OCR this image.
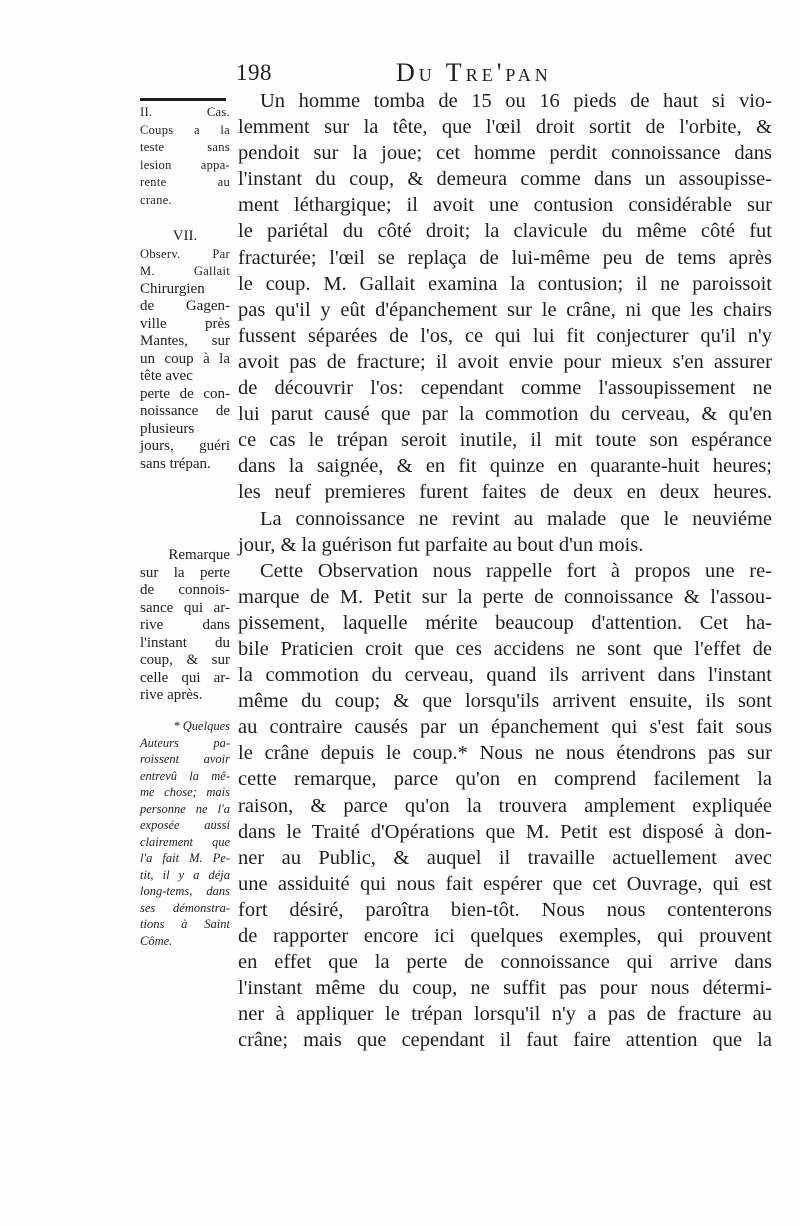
198	Du Tre'pan
II. Cas.
Coups a la
teste sans
lesion appa-
rente au
crane.
VII.
Observ. Par
M. Gallait
Chirurgien
de Gagen-
ville près
Mantes, sur
un coup à la
tête avec
perte de con-
noissance de
plusieurs
jours, guéri
sans trépan.
Remarque
sur la perte
de connois-
sance qui ar-
rive dans
l'instant du
coup, & sur
celle qui ar-
rive après.
* Quelques
Auteurs pa-
roissent avoir
entrevû la mê-
me chose; mais
personne ne l'a
exposée aussi
clairement que
l'a fait M. Pe-
tit, il y a déja
long-tems, dans
ses démonstra-
tions à Saint
Côme.
Un homme tomba de 15 ou 16 pieds de haut si vio-
lemment sur la tête, que l'œil droit sortit de l'orbite, &
pendoit sur la joue; cet homme perdit connoissance dans
l'instant du coup, & demeura comme dans un assoupisse-
ment léthargique; il avoit une contusion considérable sur
le pariétal du côté droit; la clavicule du même côté fut
fracturée; l'œil se replaça de lui-même peu de tems après
le coup. M. Gallait examina la contusion; il ne paroissoit
pas qu'il y eût d'épanchement sur le crâne, ni que les chairs
fussent séparées de l'os, ce qui lui fit conjecturer qu'il n'y
avoit pas de fracture; il avoit envie pour mieux s'en assurer
de découvrir l'os: cependant comme l'assoupissement ne
lui parut causé que par la commotion du cerveau, & qu'en
ce cas le trépan seroit inutile, il mit toute son espérance
dans la saignée, & en fit quinze en quarante-huit heures;
les neuf premieres furent faites de deux en deux heures.
La connoissance ne revint au malade que le neuviéme
jour, & la guérison fut parfaite au bout d'un mois.
Cette Observation nous rappelle fort à propos une re-
marque de M. Petit sur la perte de connoissance & l'assou-
pissement, laquelle mérite beaucoup d'attention. Cet ha-
bile Praticien croit que ces accidens ne sont que l'effet de
la commotion du cerveau, quand ils arrivent dans l'instant
même du coup; & que lorsqu'ils arrivent ensuite, ils sont
au contraire causés par un épanchement qui s'est fait sous
le crâne depuis le coup.* Nous ne nous étendrons pas sur
cette remarque, parce qu'on en comprend facilement la
raison, & parce qu'on la trouvera amplement expliquée
dans le Traité d'Opérations que M. Petit est disposé à don-
ner au Public, & auquel il travaille actuellement avec
une assiduité qui nous fait espérer que cet Ouvrage, qui est
fort désiré, paroîtra bien-tôt. Nous nous contenterons
de rapporter encore ici quelques exemples, qui prouvent
en effet que la perte de connoissance qui arrive dans
l'instant même du coup, ne suffit pas pour nous détermi-
ner à appliquer le trépan lorsqu'il n'y a pas de fracture au
crâne; mais que cependant il faut faire attention que la
